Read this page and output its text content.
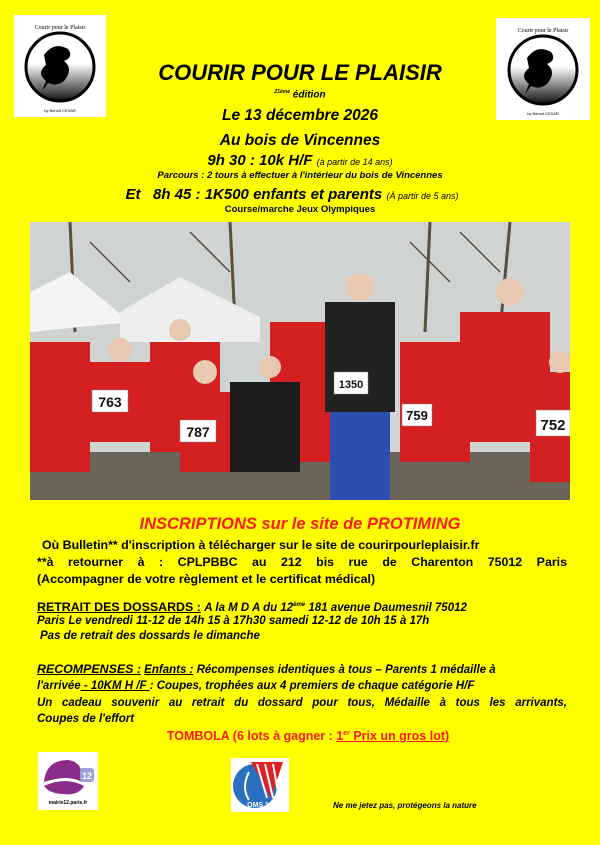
Courir pour le Plaisir
by Benoit CESAR
Courir pour le Plaisir
by Benoit CESAR
COURIR POUR LE PLAISIR
$^{21ème}$ édition
Le 13 décembre 2026
Au bois de Vincennes
9h 30 : 10k H/F (à partir de 14 ans)
Parcours : 2 tours à effectuer à l'intérieur du bois de Vincennes
Et 8h 45 : 1K500 enfants et parents (À partir de 5 ans)
Course/marche Jeux Olympiques
763
787
1350
759
752
INSCRIPTIONS sur le site de PROTIMING
Où Bulletin** d'inscription à télécharger sur le site de courirpourleplaisir.fr
**à retourner à : CPLPBBC au 212 bis rue de Charenton 75012 Paris
(Accompagner de votre règlement et le certificat médical)
RETRAIT DES DOSSARDS : A la M D A du 12ème 181 avenue Daumesnil 75012
Paris Le vendredi 11-12 de 14h 15 à 17h30 samedi 12-12 de 10h 15 à 17h
Pas de retrait des dossards le dimanche
RECOMPENSES : Enfants : Récompenses identiques à tous – Parents 1 médaille à
l'arrivée - 10KM H /F : Coupes, trophées aux 4 premiers de chaque catégorie H/F
Un cadeau souvenir au retrait du dossard pour tous, Médaille à tous les arrivants,
Coupes de l'effort
TOMBOLA (6 lots à gagner : 1er Prix un gros lot)
12
mairie12.paris.fr	OMS 12	Ne me jetez pas, protégeons la nature
